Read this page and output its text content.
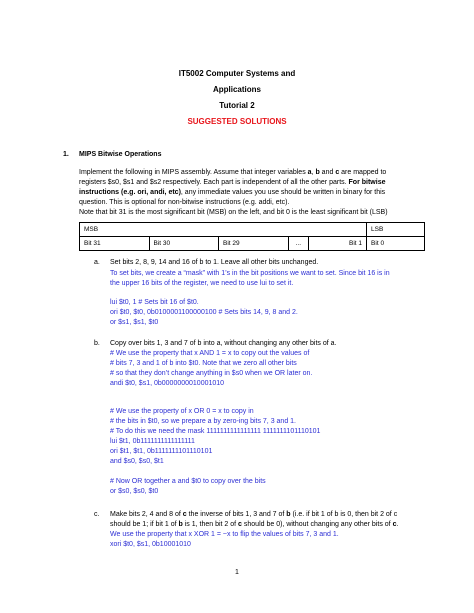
IT5002 Computer Systems and
Applications
Tutorial 2
SUGGESTED SOLUTIONS
1. MIPS Bitwise Operations
Implement the following in MIPS assembly. Assume that integer variables a, b and c are mapped to
registers $s0, $s1 and $s2 respectively. Each part is independent of all the other parts. For bitwise
instructions (e.g. ori, andi, etc), any immediate values you use should be written in binary for this
question. This is optional for non-bitwise instructions (e.g. addi, etc).
Note that bit 31 is the most significant bit (MSB) on the left, and bit 0 is the least significant bit (LSB)
MSB					LSB
Bit 31	Bit 30	Bit 29	...	Bit 1	Bit 0
a. Set bits 2, 8, 9, 14 and 16 of b to 1. Leave all other bits unchanged.
To set bits, we create a “mask” with 1’s in the bit positions we want to set. Since bit 16 is in
the upper 16 bits of the register, we need to use lui to set it.
lui $t0, 1 # Sets bit 16 of $t0.
ori $t0, $t0, 0b0100001100000100 # Sets bits 14, 9, 8 and 2.
or $s1, $s1, $t0
b. Copy over bits 1, 3 and 7 of b into a, without changing any other bits of a.
# We use the property that x AND 1 = x to copy out the values of
# bits 7, 3 and 1 of b into $t0. Note that we zero all other bits
# so that they don’t change anything in $s0 when we OR later on.
andi $t0, $s1, 0b0000000010001010
# We use the property of x OR 0 = x to copy in
# the bits in $t0, so we prepare a by zero-ing bits 7, 3 and 1.
# To do this we need the mask 1111111111111111 1111111101110101
lui $t1, 0b1111111111111111
ori $t1, $t1, 0b1111111101110101
and $s0, $s0, $t1
# Now OR together a and $t0 to copy over the bits
or $s0, $s0, $t0
c. Make bits 2, 4 and 8 of c the inverse of bits 1, 3 and 7 of b (i.e. if bit 1 of b is 0, then bit 2 of c
should be 1; if bit 1 of b is 1, then bit 2 of c should be 0), without changing any other bits of c.
We use the property that x XOR 1 = ~x to flip the values of bits 7, 3 and 1.
xori $t0, $s1, 0b10001010
1
